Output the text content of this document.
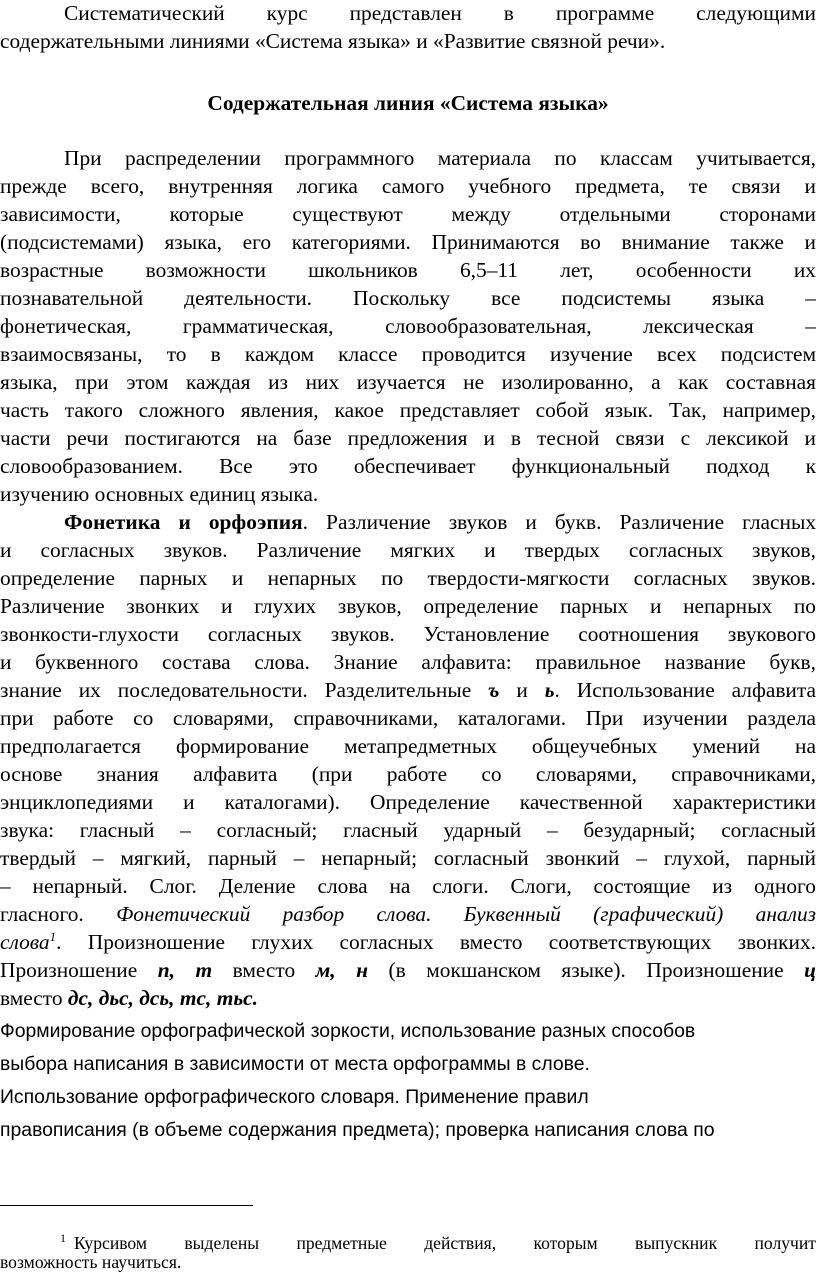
Систематический курс представлен в программе следующими
содержательными линиями «Система языка» и «Развитие связной речи».
Содержательная линия «Система языка»
При распределении программного материала по классам учитывается,
прежде всего, внутренняя логика самого учебного предмета, те связи и
зависимости, которые существуют между отдельными сторонами
(подсистемами) языка, его категориями. Принимаются во внимание также и
возрастные возможности школьников 6,5–11 лет, особенности их
познавательной деятельности. Поскольку все подсистемы языка –
фонетическая, грамматическая, словообразовательная, лексическая –
взаимосвязаны, то в каждом классе проводится изучение всех подсистем
языка, при этом каждая из них изучается не изолированно, а как составная
часть такого сложного явления, какое представляет собой язык. Так, например,
части речи постигаются на базе предложения и в тесной связи с лексикой и
словообразованием. Все это обеспечивает функциональный подход к
изучению основных единиц языка.
Фонетика и орфоэпия. Различение звуков и букв. Различение гласных
и согласных звуков. Различение мягких и твердых согласных звуков,
определение парных и непарных по твердости-мягкости согласных звуков.
Различение звонких и глухих звуков, определение парных и непарных по
звонкости-глухости согласных звуков. Установление соотношения звукового
и буквенного состава слова. Знание алфавита: правильное название букв,
знание их последовательности. Разделительные ъ и ь. Использование алфавита
при работе со словарями, справочниками, каталогами. При изучении раздела
предполагается формирование метапредметных общеучебных умений на
основе знания алфавита (при работе со словарями, справочниками,
энциклопедиями и каталогами). Определение качественной характеристики
звука: гласный – согласный; гласный ударный – безударный; согласный
твердый – мягкий, парный – непарный; согласный звонкий – глухой, парный
– непарный. Слог. Деление слова на слоги. Слоги, состоящие из одного
гласного. Фонетический разбор слова. Буквенный (графический) анализ
слова$^1$. Произношение глухих согласных вместо соответствующих звонких.
Произношение п, т вместо м, н (в мокшанском языке). Произношение ц
вместо дс, дьс, дсь, тс, тьс.
Формирование орфографической зоркости, использование разных способов
выбора написания в зависимости от места орфограммы в слове.
Использование орфографического словаря. Применение правил
правописания (в объеме содержания предмета); проверка написания слова по
$^1$ Курсивом выделены предметные действия, которым выпускник получит
возможность научиться.
